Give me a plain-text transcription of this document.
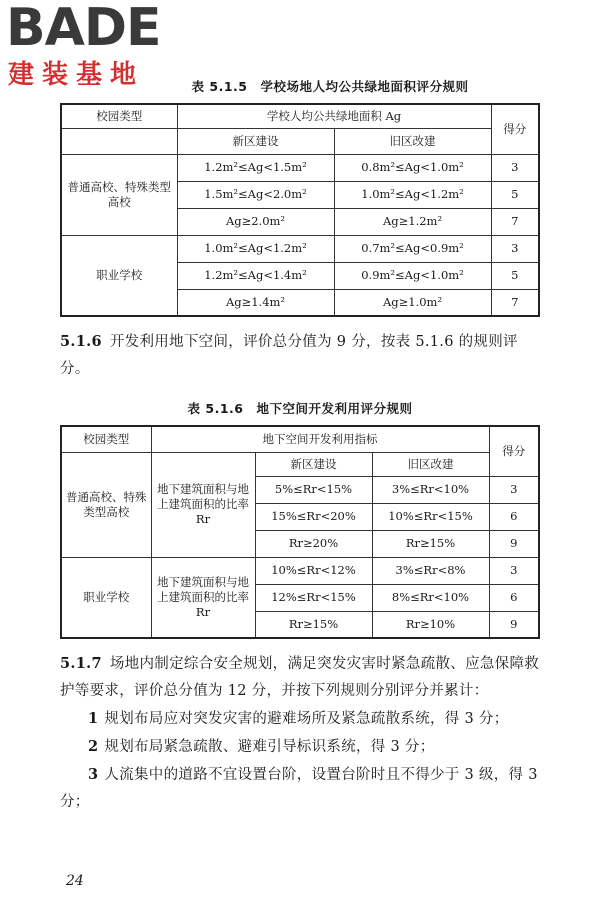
BADE
建装基地	表 5.1.5　学校场地人均公共绿地面积评分规则
校园类型	学校人均公共绿地面积 Ag		得分
	新区建设	旧区改建	
普通高校、特殊类型高校	1.2m²≤Ag<1.5m²	0.8m²≤Ag<1.0m²	3
	1.5m²≤Ag<2.0m²	1.0m²≤Ag<1.2m²	5
	Ag≥2.0m²	Ag≥1.2m²	7
职业学校	1.0m²≤Ag<1.2m²	0.7m²≤Ag<0.9m²	3
	1.2m²≤Ag<1.4m²	0.9m²≤Ag<1.0m²	5
	Ag≥1.4m²	Ag≥1.0m²	7
5.1.6 开发利用地下空间，评价总分值为 9 分，按表 5.1.6 的规则评分。
表 5.1.6　地下空间开发利用评分规则
校园类型	地下空间开发利用指标			得分
普通高校、特殊类型高校	地下建筑面积与地上建筑面积的比率 Rr	新区建设	旧区改建	
		5%≤Rr<15%	3%≤Rr<10%	3
		15%≤Rr<20%	10%≤Rr<15%	6
		Rr≥20%	Rr≥15%	9
职业学校	地下建筑面积与地上建筑面积的比率 Rr	10%≤Rr<12%	3%≤Rr<8%	3
		12%≤Rr<15%	8%≤Rr<10%	6
		Rr≥15%	Rr≥10%	9
5.1.7 场地内制定综合安全规划，满足突发灾害时紧急疏散、应急保障救护等要求，评价总分值为 12 分，并按下列规则分别评分并累计：
1 规划布局应对突发灾害的避难场所及紧急疏散系统，得 3 分；
2 规划布局紧急疏散、避难引导标识系统，得 3 分；
3 人流集中的道路不宜设置台阶，设置台阶时且不得少于 3 级，得 3 分；
24
